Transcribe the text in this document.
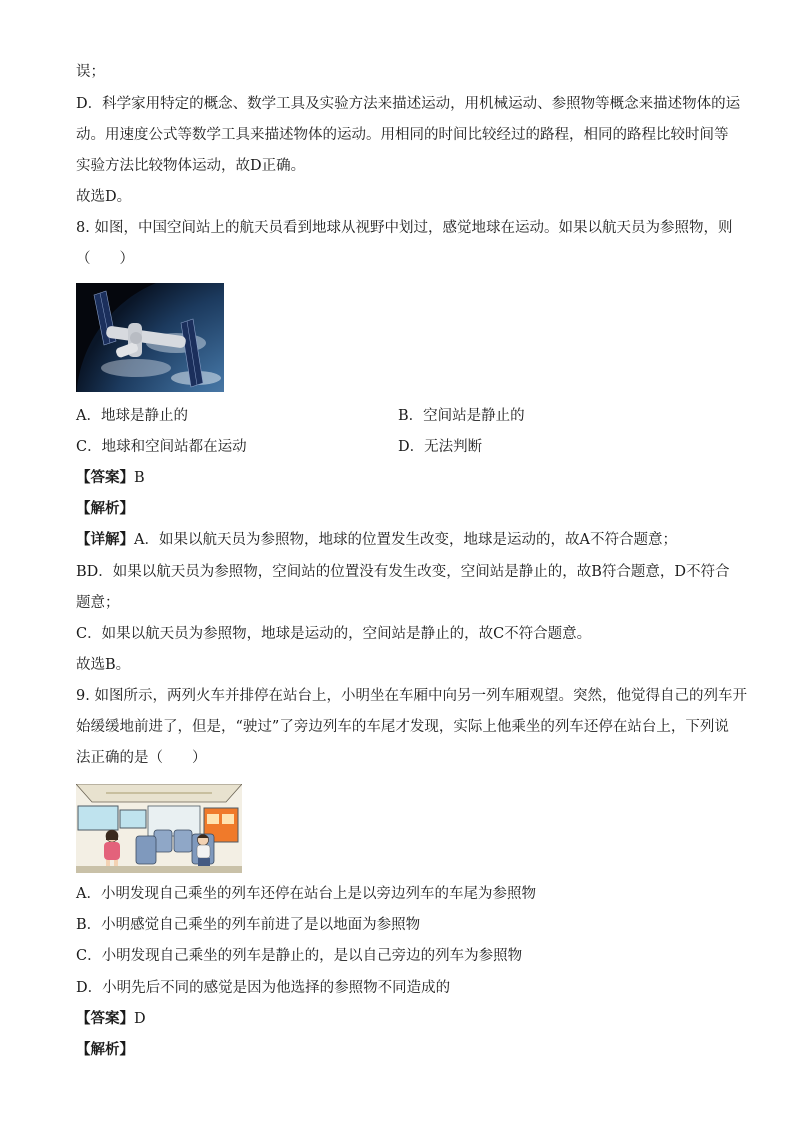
误；
D．科学家用特定的概念、数学工具及实验方法来描述运动，用机械运动、参照物等概念来描述物体的运
动。用速度公式等数学工具来描述物体的运动。用相同的时间比较经过的路程，相同的路程比较时间等
实验方法比较物体运动，故D正确。
故选D。
8. 如图，中国空间站上的航天员看到地球从视野中划过，感觉地球在运动。如果以航天员为参照物，则
（　　）
A．地球是静止的	B．空间站是静止的
C．地球和空间站都在运动	D．无法判断
【答案】B
【解析】
【详解】A．如果以航天员为参照物，地球的位置发生改变，地球是运动的，故A不符合题意；
BD．如果以航天员为参照物，空间站的位置没有发生改变，空间站是静止的，故B符合题意，D不符合
题意；
C．如果以航天员为参照物，地球是运动的，空间站是静止的，故C不符合题意。
故选B。
9. 如图所示，两列火车并排停在站台上，小明坐在车厢中向另一列车厢观望。突然，他觉得自己的列车开
始缓缓地前进了，但是，“驶过”了旁边列车的车尾才发现，实际上他乘坐的列车还停在站台上，下列说
法正确的是（　　）
A．小明发现自己乘坐的列车还停在站台上是以旁边列车的车尾为参照物
B．小明感觉自己乘坐的列车前进了是以地面为参照物
C．小明发现自己乘坐的列车是静止的，是以自己旁边的列车为参照物
D．小明先后不同的感觉是因为他选择的参照物不同造成的
【答案】D
【解析】
